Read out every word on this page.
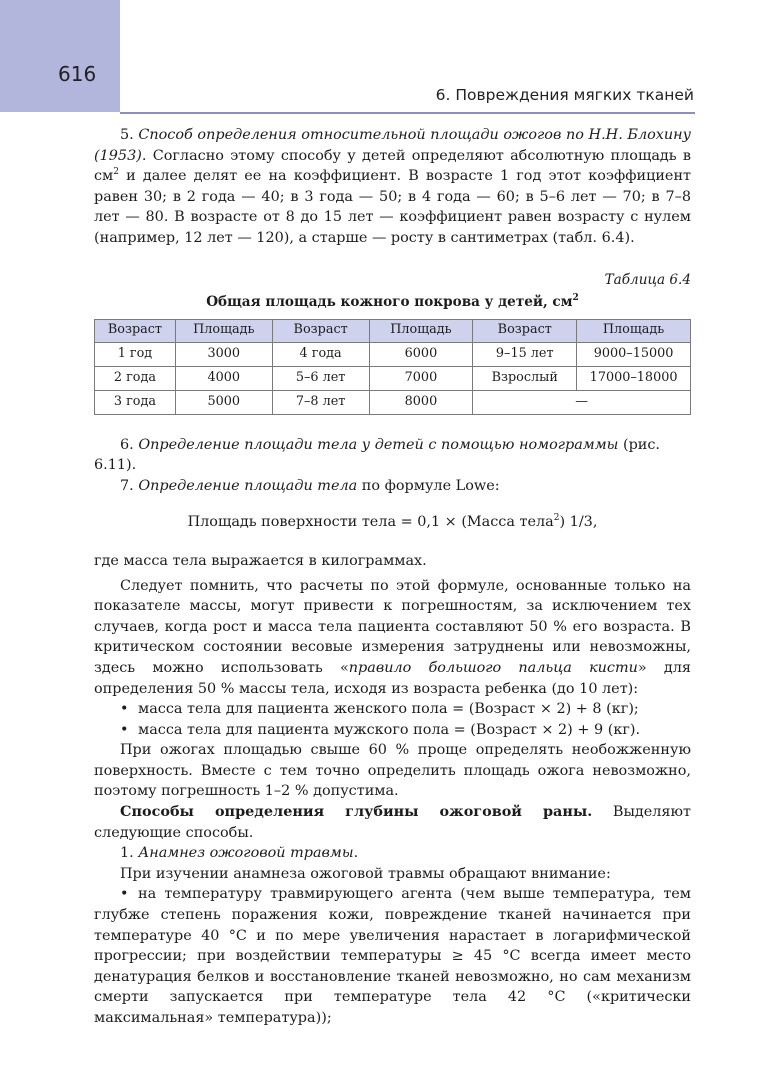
616
6. Повреждения мягких тканей

5. Способ определения относительной площади ожогов по Н.Н. Блохину (1953). Согласно этому способу у детей определяют абсолютную площадь в $см^2$ и далее делят ее на коэффициент. В возрасте 1 год этот коэффициент равен 30; в 2 года — 40; в 3 года — 50; в 4 года — 60; в 5–6 лет — 70; в 7–8 лет — 80. В возрасте от 8 до 15 лет — коэффициент равен возрасту с нулем (например, 12 лет — 120), а старше — росту в сантиметрах (табл. 6.4).

Таблица 6.4

Общая площадь кожного покрова у детей, $см^2$

Возраст	Площадь	Возраст	Площадь	Возраст	Площадь
1 год	3000	4 года	6000	9–15 лет	9000–15000
2 года	4000	5–6 лет	7000	Взрослый	17000–18000
3 года	5000	7–8 лет	8000	—	

6. Определение площади тела у детей с помощью номограммы (рис. 6.11).

7. Определение площади тела по формуле Lowe:

Площадь поверхности тела = 0,1 × (Масса тела$^2$) 1/3,

где масса тела выражается в килограммах.

Следует помнить, что расчеты по этой формуле, основанные только на показателе массы, могут привести к погрешностям, за исключением тех случаев, когда рост и масса тела пациента составляют 50 % его возраста. В критическом состоянии весовые измерения затруднены или невозможны, здесь можно использовать «правило большого пальца кисти» для определения 50 % массы тела, исходя из возраста ребенка (до 10 лет):

• масса тела для пациента женского пола = (Возраст × 2) + 8 (кг);

• масса тела для пациента мужского пола = (Возраст × 2) + 9 (кг).

При ожогах площадью свыше 60 % проще определять необожженную поверхность. Вместе с тем точно определить площадь ожога невозможно, поэтому погрешность 1–2 % допустима.

Способы определения глубины ожоговой раны. Выделяют следующие способы.

1. Анамнез ожоговой травмы.

При изучении анамнеза ожоговой травмы обращают внимание:

• на температуру травмирующего агента (чем выше температура, тем глубже степень поражения кожи, повреждение тканей начинается при температуре 40 °С и по мере увеличения нарастает в логарифмической прогрессии; при воздействии температуры ≥ 45 °С всегда имеет место денатурация белков и восстановление тканей невозможно, но сам механизм смерти запускается при температуре тела 42 °С («критически максимальная» температура));
